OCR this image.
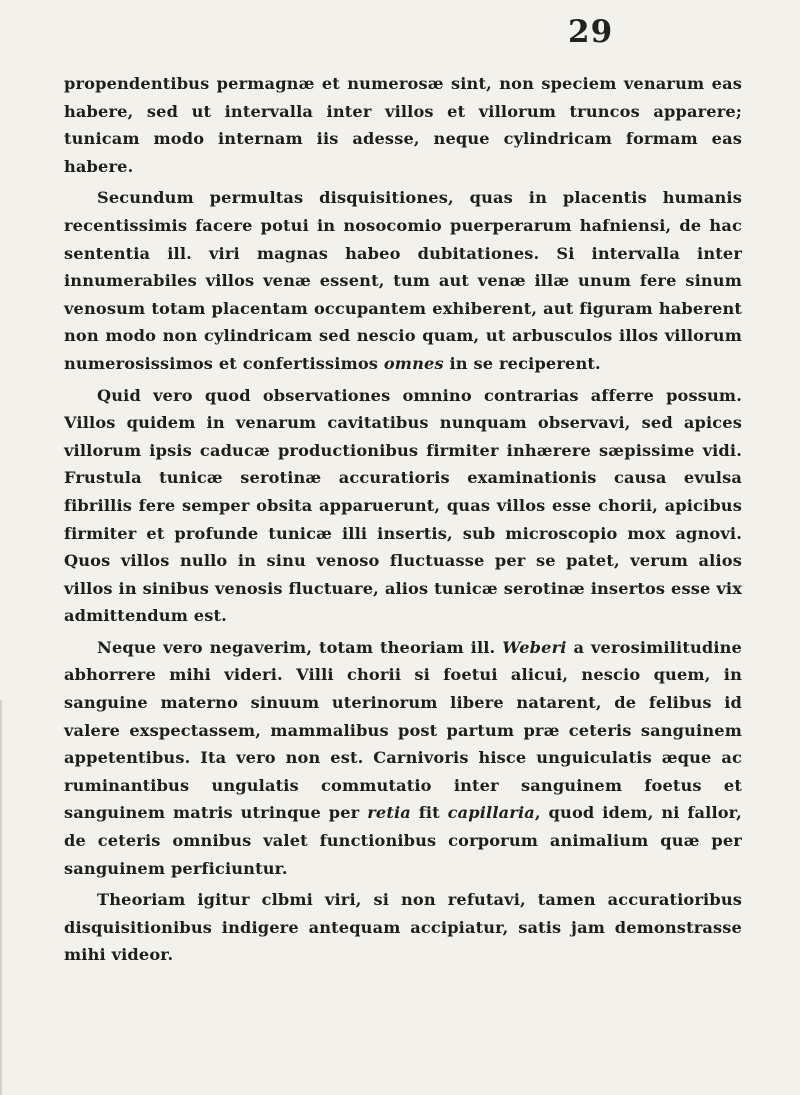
29

propendentibus permagnæ et numerosæ sint, non speciem venarum eas habere, sed ut intervalla inter villos et villorum truncos apparere; tunicam modo internam iis adesse, neque cylindricam formam eas habere.

Secundum permultas disquisitiones, quas in placentis humanis recentissimis facere potui in nosocomio puerperarum hafniensi, de hac sententia ill. viri magnas habeo dubitationes. Si intervalla inter innumerabiles villos venæ essent, tum aut venæ illæ unum fere sinum venosum totam placentam occupantem exhiberent, aut figuram haberent non modo non cylindricam sed nescio quam, ut arbusculos illos villorum numerosissimos et confertissimos omnes in se reciperent.

Quid vero quod observationes omnino contrarias afferre possum. Villos quidem in venarum cavitatibus nunquam observavi, sed apices villorum ipsis caducæ productionibus firmiter inhærere sæpissime vidi. Frustula tunicæ serotinæ accuratioris examinationis causa evulsa fibrillis fere semper obsita apparuerunt, quas villos esse chorii, apicibus firmiter et profunde tunicæ illi insertis, sub microscopio mox agnovi. Quos villos nullo in sinu venoso fluctuasse per se patet, verum alios villos in sinibus venosis fluctuare, alios tunicæ serotinæ insertos esse vix admittendum est.

Neque vero negaverim, totam theoriam ill. Weberi a verosimilitudine abhorrere mihi videri. Villi chorii si foetui alicui, nescio quem, in sanguine materno sinuum uterinorum libere natarent, de felibus id valere exspectassem, mammalibus post partum præ ceteris sanguinem appetentibus. Ita vero non est. Carnivoris hisce unguiculatis æque ac ruminantibus ungulatis commutatio inter sanguinem foetus et sanguinem matris utrinque per retia fit capillaria, quod idem, ni fallor, de ceteris omnibus valet functionibus corporum animalium quæ per sanguinem perficiuntur.

Theoriam igitur clbmi viri, si non refutavi, tamen accuratioribus disquisitionibus indigere antequam accipiatur, satis jam demonstrasse mihi videor.
